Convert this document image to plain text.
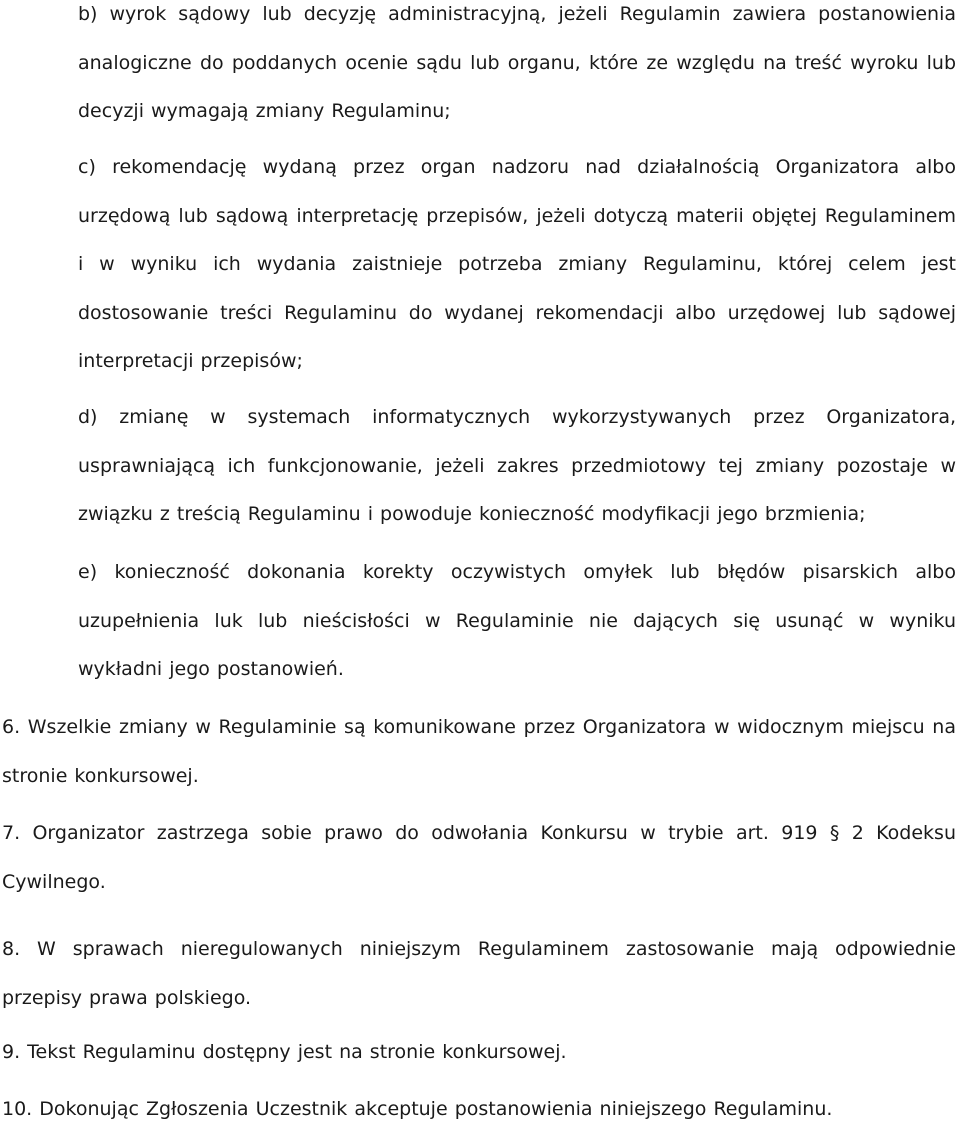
b) wyrok sądowy lub decyzję administracyjną, jeżeli Regulamin zawiera postanowienia analogiczne do poddanych ocenie sądu lub organu, które ze względu na treść wyroku lub decyzji wymagają zmiany Regulaminu;

c) rekomendację wydaną przez organ nadzoru nad działalnością Organizatora albo urzędową lub sądową interpretację przepisów, jeżeli dotyczą materii objętej Regulaminem i w wyniku ich wydania zaistnieje potrzeba zmiany Regulaminu, której celem jest dostosowanie treści Regulaminu do wydanej rekomendacji albo urzędowej lub sądowej interpretacji przepisów;

d) zmianę w systemach informatycznych wykorzystywanych przez Organizatora, usprawniającą ich funkcjonowanie, jeżeli zakres przedmiotowy tej zmiany pozostaje w związku z treścią Regulaminu i powoduje konieczność modyfikacji jego brzmienia;

e) konieczność dokonania korekty oczywistych omyłek lub błędów pisarskich albo uzupełnienia luk lub nieścisłości w Regulaminie nie dających się usunąć w wyniku wykładni jego postanowień.

6. Wszelkie zmiany w Regulaminie są komunikowane przez Organizatora w widocznym miejscu na stronie konkursowej.

7. Organizator zastrzega sobie prawo do odwołania Konkursu w trybie art. 919 § 2 Kodeksu Cywilnego.

8. W sprawach nieregulowanych niniejszym Regulaminem zastosowanie mają odpowiednie przepisy prawa polskiego.

9. Tekst Regulaminu dostępny jest na stronie konkursowej.

10. Dokonując Zgłoszenia Uczestnik akceptuje postanowienia niniejszego Regulaminu.
